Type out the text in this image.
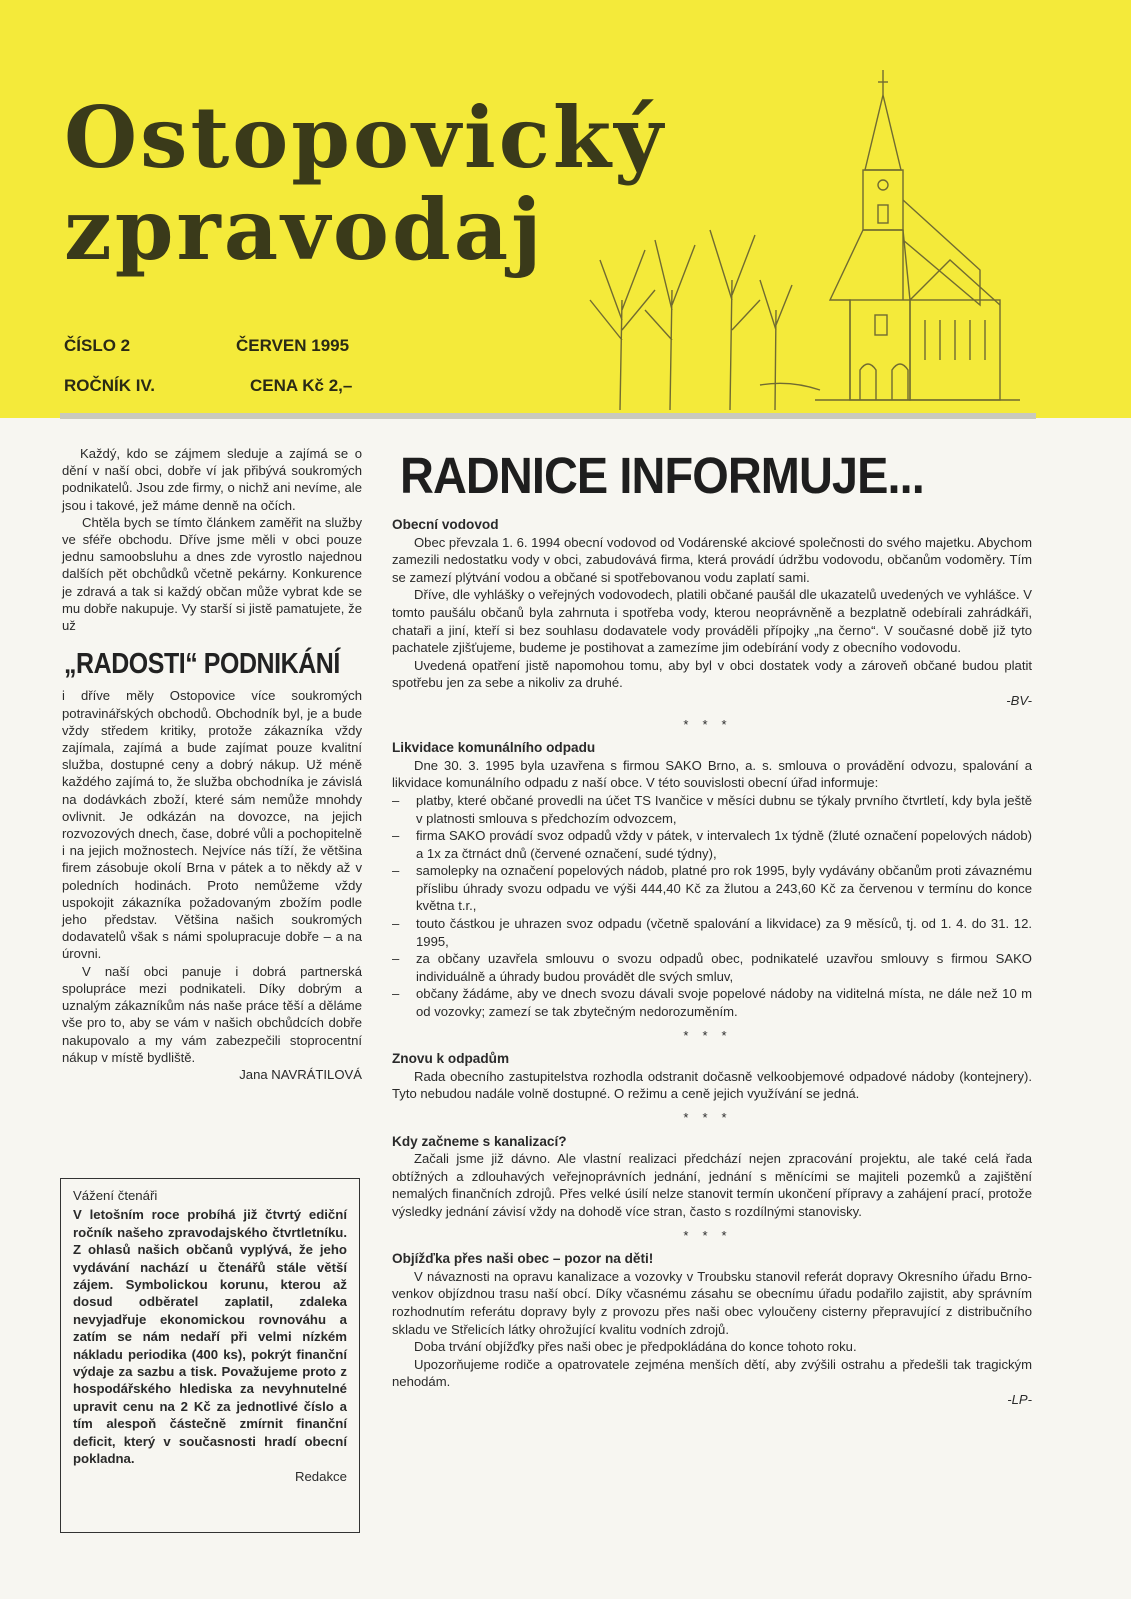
Ostopovický
zpravodaj
ČÍSLO 2	ČERVEN 1995
ROČNÍK IV.	CENA Kč 2,–

Každý, kdo se zájmem sleduje a zajímá se o dění v naší obci, dobře ví jak přibývá soukromých podnikatelů. Jsou zde firmy, o nichž ani nevíme, ale jsou i takové, jež máme denně na očích.

Chtěla bych se tímto článkem zaměřit na služby ve sféře obchodu. Dříve jsme měli v obci pouze jednu samoobsluhu a dnes zde vyrostlo najednou dalších pět obchůdků včetně pekárny. Konkurence je zdravá a tak si každý občan může vybrat kde se mu dobře nakupuje. Vy starší si jistě pamatujete, že už

„RADOSTI“ PODNIKÁNÍ

i dříve měly Ostopovice více soukromých potravinářských obchodů. Obchodník byl, je a bude vždy středem kritiky, protože zákazníka vždy zajímala, zajímá a bude zajímat pouze kvalitní služba, dostupné ceny a dobrý nákup. Už méně každého zajímá to, že služba obchodníka je závislá na dodávkách zboží, které sám nemůže mnohdy ovlivnit. Je odkázán na dovozce, na jejich rozvozových dnech, čase, dobré vůli a pochopitelně i na jejich možnostech. Nejvíce nás tíží, že většina firem zásobuje okolí Brna v pátek a to někdy až v poledních hodinách. Proto nemůžeme vždy uspokojit zákazníka požadovaným zbožím podle jeho představ. Většina našich soukromých dodavatelů však s námi spolupracuje dobře – a na úrovni.

V naší obci panuje i dobrá partnerská spolupráce mezi podnikateli. Díky dobrým a uznalým zákazníkům nás naše práce těší a děláme vše pro to, aby se vám v našich obchůdcích dobře nakupovalo a my vám zabezpečili stoprocentní nákup v místě bydliště.

Jana NAVRÁTILOVÁ
Vážení čtenáři
V letošním roce probíhá již čtvrtý ediční ročník našeho zpravodajského čtvrtletníku. Z ohlasů našich občanů vyplývá, že jeho vydávání nachází u čtenářů stále větší zájem. Symbolickou korunu, kterou až dosud odběratel zaplatil, zdaleka nevyjadřuje ekonomickou rovnováhu a zatím se nám nedaří při velmi nízkém nákladu periodika (400 ks), pokrýt finanční výdaje za sazbu a tisk. Považujeme proto z hospodářského hlediska za nevyhnutelné upravit cenu na 2 Kč za jednotlivé číslo a tím alespoň částečně zmírnit finanční deficit, který v současnosti hradí obecní pokladna.
Redakce
RADNICE INFORMUJE...
Obecní vodovod

Obec převzala 1. 6. 1994 obecní vodovod od Vodárenské akciové společnosti do svého majetku. Abychom zamezili nedostatku vody v obci, zabudovává firma, která provádí údržbu vodovodu, občanům vodoměry. Tím se zamezí plýtvání vodou a občané si spotřebovanou vodu zaplatí sami.

Dříve, dle vyhlášky o veřejných vodovodech, platili občané paušál dle ukazatelů uvedených ve vyhlášce. V tomto paušálu občanů byla zahrnuta i spotřeba vody, kterou neoprávněně a bezplatně odebírali zahrádkáři, chataři a jiní, kteří si bez souhlasu dodavatele vody prováděli přípojky „na černo“. V současné době již tyto pachatele zjišťujeme, budeme je postihovat a zamezíme jim odebírání vody z obecního vodovodu.

Uvedená opatření jistě napomohou tomu, aby byl v obci dostatek vody a zároveň občané budou platit spotřebu jen za sebe a nikoliv za druhé.

-BV-
***
Likvidace komunálního odpadu

Dne 30. 3. 1995 byla uzavřena s firmou SAKO Brno, a. s. smlouva o provádění odvozu, spalování a likvidace komunálního odpadu z naší obce. V této souvislosti obecní úřad informuje:

– platby, které občané provedli na účet TS Ivančice v měsíci dubnu se týkaly prvního čtvrtletí, kdy byla ještě v platnosti smlouva s předchozím odvozcem,
– firma SAKO provádí svoz odpadů vždy v pátek, v intervalech 1x týdně (žluté označení popelových nádob) a 1x za čtrnáct dnů (červené označení, sudé týdny),
– samolepky na označení popelových nádob, platné pro rok 1995, byly vydávány občanům proti závaznému příslibu úhrady svozu odpadu ve výši 444,40 Kč za žlutou a 243,60 Kč za červenou v termínu do konce května t.r.,
– touto částkou je uhrazen svoz odpadu (včetně spalování a likvidace) za 9 měsíců, tj. od 1. 4. do 31. 12. 1995,
– za občany uzavřela smlouvu o svozu odpadů obec, podnikatelé uzavřou smlouvy s firmou SAKO individuálně a úhrady budou provádět dle svých smluv,
– občany žádáme, aby ve dnech svozu dávali svoje popelové nádoby na viditelná místa, ne dále než 10 m od vozovky; zamezí se tak zbytečným nedorozuměním.
***
Znovu k odpadům

Rada obecního zastupitelstva rozhodla odstranit dočasně velkoobjemové odpadové nádoby (kontejnery). Tyto nebudou nadále volně dostupné. O režimu a ceně jejich využívání se jedná.

***
Kdy začneme s kanalizací?

Začali jsme již dávno. Ale vlastní realizaci předchází nejen zpracování projektu, ale také celá řada obtížných a zdlouhavých veřejnoprávních jednání, jednání s měnícími se majiteli pozemků a zajištění nemalých finančních zdrojů. Přes velké úsilí nelze stanovit termín ukončení přípravy a zahájení prací, protože výsledky jednání závisí vždy na dohodě více stran, často s rozdílnými stanovisky.

***
Objížďka přes naši obec – pozor na děti!

V návaznosti na opravu kanalizace a vozovky v Troubsku stanovil referát dopravy Okresního úřadu Brno-venkov objízdnou trasu naší obcí. Díky včasnému zásahu se obecnímu úřadu podařilo zajistit, aby správním rozhodnutím referátu dopravy byly z provozu přes naši obec vyloučeny cisterny přepravující z distribučního skladu ve Střelicích látky ohrožující kvalitu vodních zdrojů.

Doba trvání objížďky přes naši obec je předpokládána do konce tohoto roku.

Upozorňujeme rodiče a opatrovatele zejména menších dětí, aby zvýšili ostrahu a předešli tak tragickým nehodám.

-LP-
